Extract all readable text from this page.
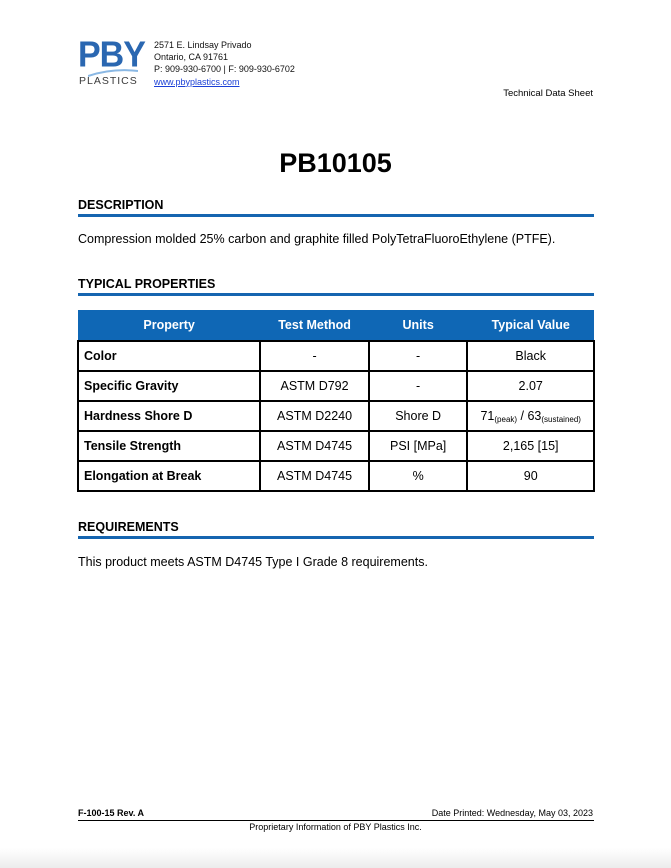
PBY
PLASTICS
2571 E. Lindsay Privado
Ontario, CA 91761
P: 909-930-6700 | F: 909-930-6702
www.pbyplastics.com
Technical Data Sheet
PB10105
DESCRIPTION
Compression molded 25% carbon and graphite filled PolyTetraFluoroEthylene (PTFE).
TYPICAL PROPERTIES
Property	Test Method	Units	Typical Value
Color	-	-	Black
Specific Gravity	ASTM D792	-	2.07
Hardness Shore D	ASTM D2240	Shore D	$71_{(peak)} / 63_{(sustained)}$
Tensile Strength	ASTM D4745	PSI [MPa]	2,165 [15]
Elongation at Break	ASTM D4745	%	90
REQUIREMENTS
This product meets ASTM D4745 Type I Grade 8 requirements.
F-100-15 Rev. A	Date Printed: Wednesday, May 03, 2023
Proprietary Information of PBY Plastics Inc.
